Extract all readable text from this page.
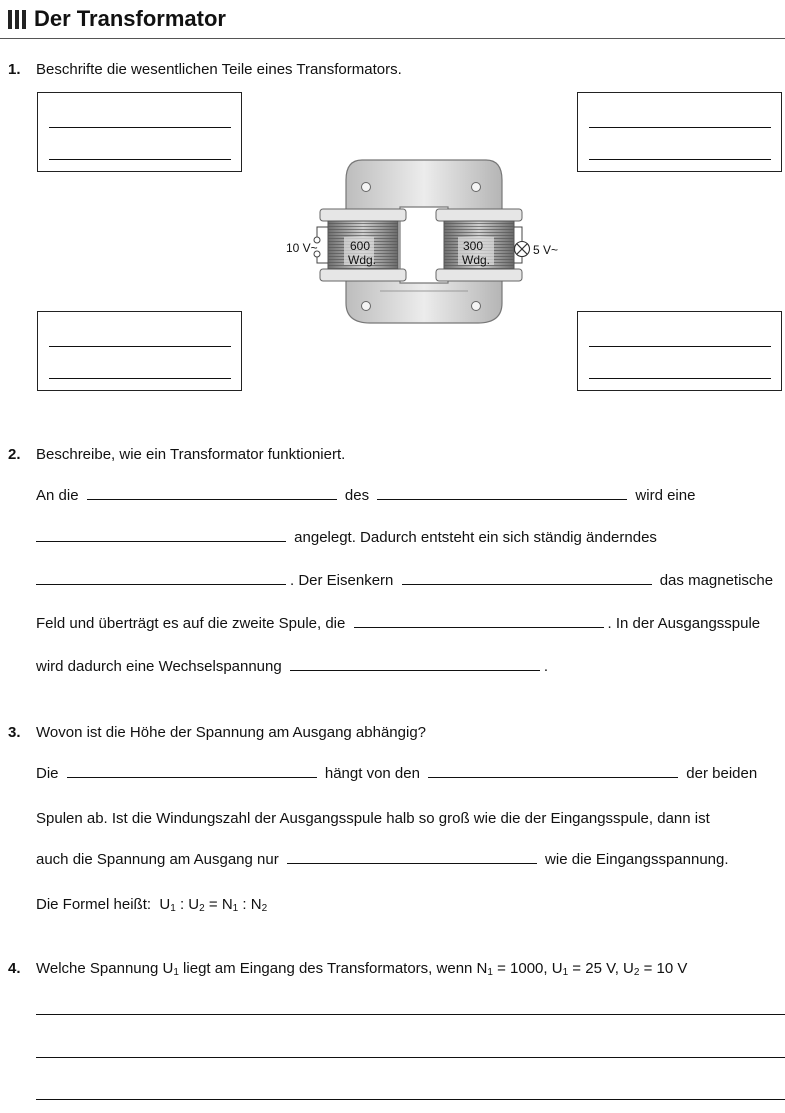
Der Transformator
1. Beschrifte die wesentlichen Teile eines Transformators.
600
Wdg.
300
Wdg.
10 V~	5 V~
2. Beschreibe, wie ein Transformator funktioniert.
An die	des	wird eine
angelegt. Dadurch entsteht ein sich ständig änderndes
. Der Eisenkern	das magnetische
Feld und überträgt es auf die zweite Spule, die	. In der Ausgangsspule
wird dadurch eine Wechselspannung	.
3. Wovon ist die Höhe der Spannung am Ausgang abhängig?
Die	hängt von den	der beiden
Spulen ab. Ist die Windungszahl der Ausgangsspule halb so groß wie die der Eingangsspule, dann ist
auch die Spannung am Ausgang nur	wie die Eingangsspannung.
Die Formel heißt: $U_1$ : $U_2 = N_1$ : $N_2$
4. Welche Spannung $U_1$ liegt am Eingang des Transformators, wenn $N_1 = 1000$, $U_1 = 25$ V, $U_2 = 10$ V
